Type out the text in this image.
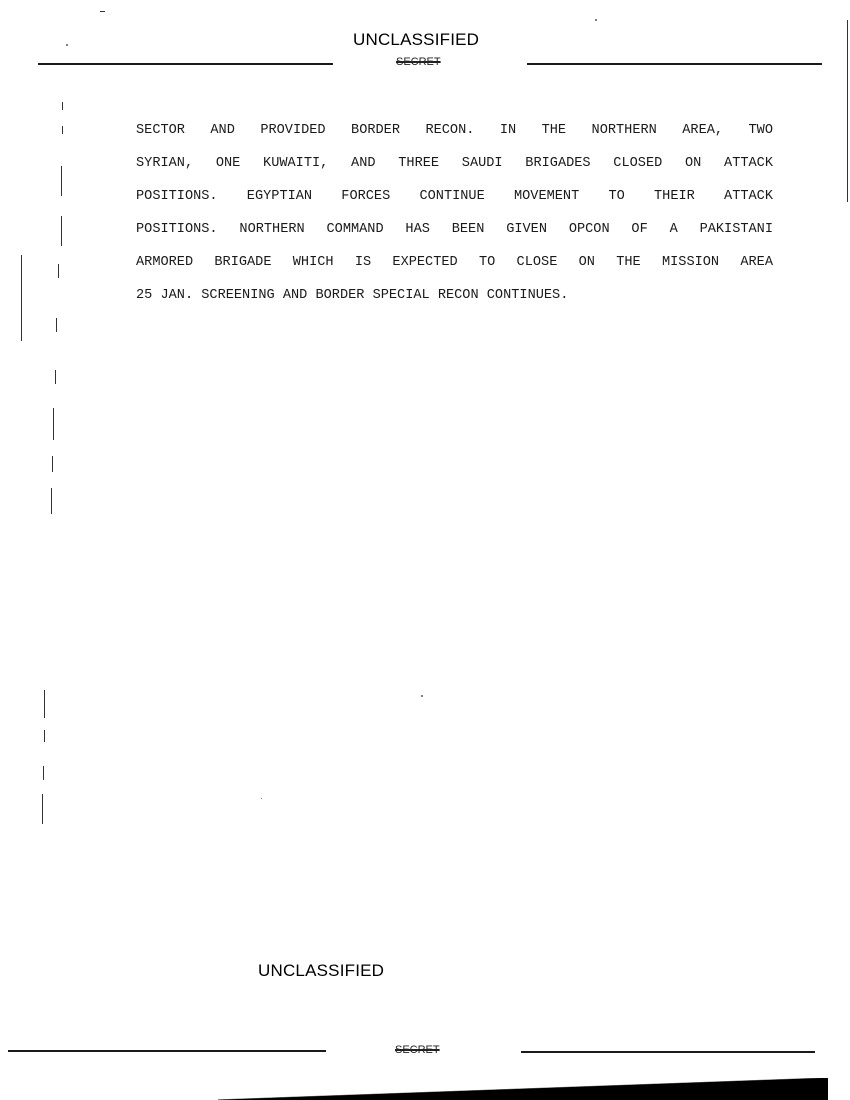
UNCLASSIFIED
SECRET
SECTOR AND PROVIDED BORDER RECON. IN THE NORTHERN AREA, TWO
SYRIAN, ONE KUWAITI, AND THREE SAUDI BRIGADES CLOSED ON ATTACK
POSITIONS. EGYPTIAN FORCES CONTINUE MOVEMENT TO THEIR ATTACK
POSITIONS. NORTHERN COMMAND HAS BEEN GIVEN OPCON OF A PAKISTANI
ARMORED BRIGADE WHICH IS EXPECTED TO CLOSE ON THE MISSION AREA
25 JAN. SCREENING AND BORDER SPECIAL RECON CONTINUES.
UNCLASSIFIED
SECRET
